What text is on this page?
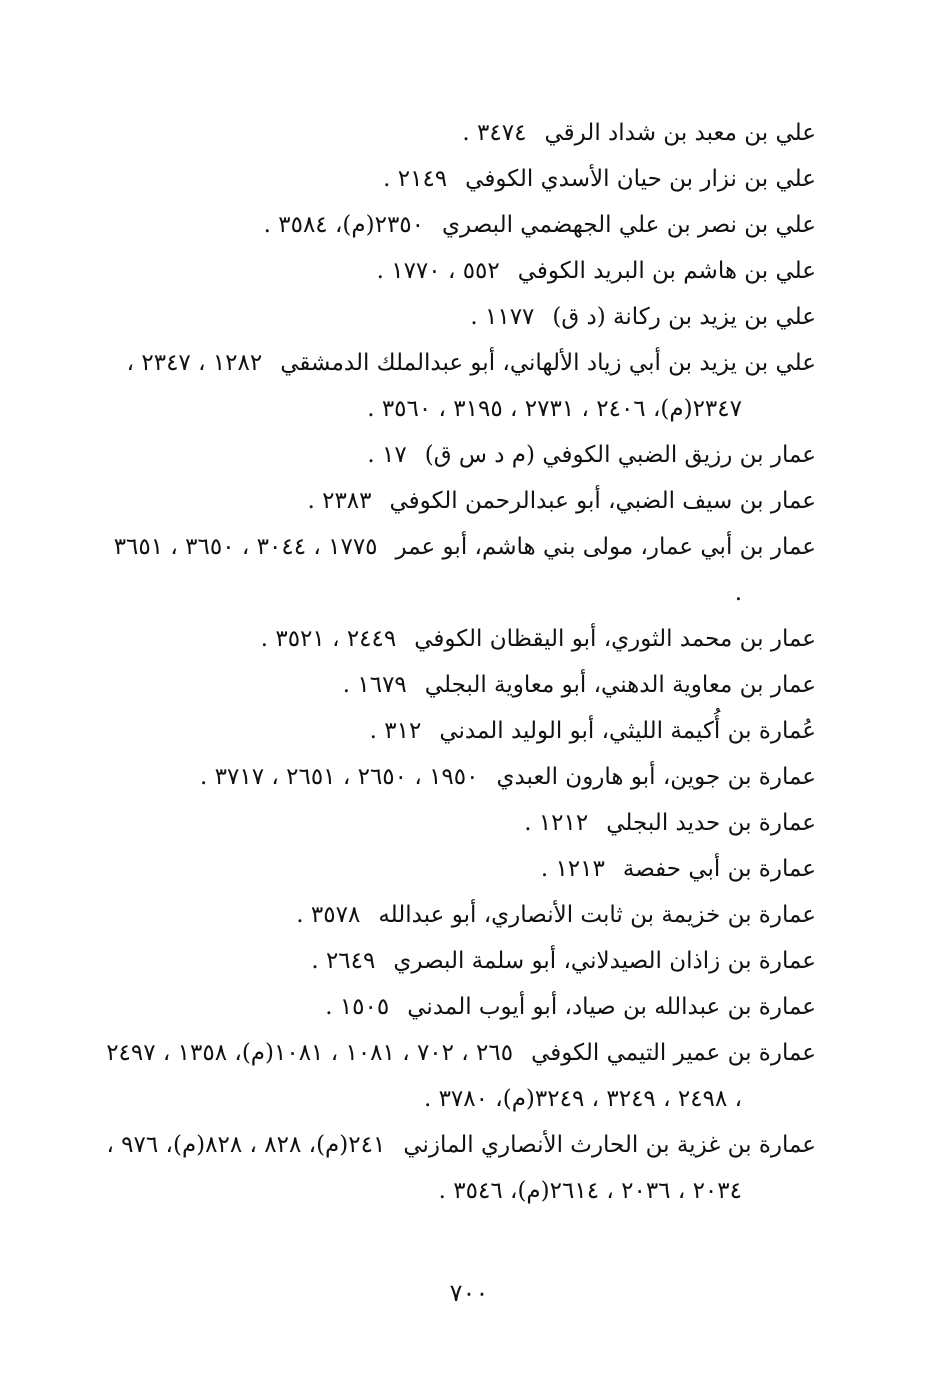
علي بن معبد بن شداد الرقي٣٤٧٤ .

علي بن نزار بن حيان الأسدي الكوفي٢١٤٩ .

علي بن نصر بن علي الجهضمي البصري٢٣٥٠(م)، ٣٥٨٤ .

علي بن هاشم بن البريد الكوفي٥٥٢ ، ١٧٧٠ .

علي بن يزيد بن ركانة (د ق)١١٧٧ .

علي بن يزيد بن أبي زياد الألهاني، أبو عبدالملك الدمشقي١٢٨٢ ، ٢٣٤٧ ، ٢٣٤٧(م)، ٢٤٠٦ ، ٢٧٣١ ، ٣١٩٥ ، ٣٥٦٠ .

عمار بن رزيق الضبي الكوفي (م د س ق)١٧ .

عمار بن سيف الضبي، أبو عبدالرحمن الكوفي٢٣٨٣ .

عمار بن أبي عمار، مولى بني هاشم، أبو عمر١٧٧٥ ، ٣٠٤٤ ، ٣٦٥٠ ، ٣٦٥١ .

عمار بن محمد الثوري، أبو اليقظان الكوفي٢٤٤٩ ، ٣٥٢١ .

عمار بن معاوية الدهني، أبو معاوية البجلي١٦٧٩ .

عُمارة بن أُكيمة الليثي، أبو الوليد المدني٣١٢ .

عمارة بن جوين، أبو هارون العبدي١٩٥٠ ، ٢٦٥٠ ، ٢٦٥١ ، ٣٧١٧ .

عمارة بن حديد البجلي١٢١٢ .

عمارة بن أبي حفصة١٢١٣ .

عمارة بن خزيمة بن ثابت الأنصاري، أبو عبدالله٣٥٧٨ .

عمارة بن زاذان الصيدلاني، أبو سلمة البصري٢٦٤٩ .

عمارة بن عبدالله بن صياد، أبو أيوب المدني١٥٠٥ .

عمارة بن عمير التيمي الكوفي٢٦٥ ، ٧٠٢ ، ١٠٨١ ، ١٠٨١(م)، ١٣٥٨ ، ٢٤٩٧ ، ٢٤٩٨ ، ٣٢٤٩ ، ٣٢٤٩(م)، ٣٧٨٠ .

عمارة بن غزية بن الحارث الأنصاري المازني٢٤١(م)، ٨٢٨ ، ٨٢٨(م)، ٩٧٦ ، ٢٠٣٤ ، ٢٠٣٦ ، ٢٦١٤(م)، ٣٥٤٦ .

٧٠٠
